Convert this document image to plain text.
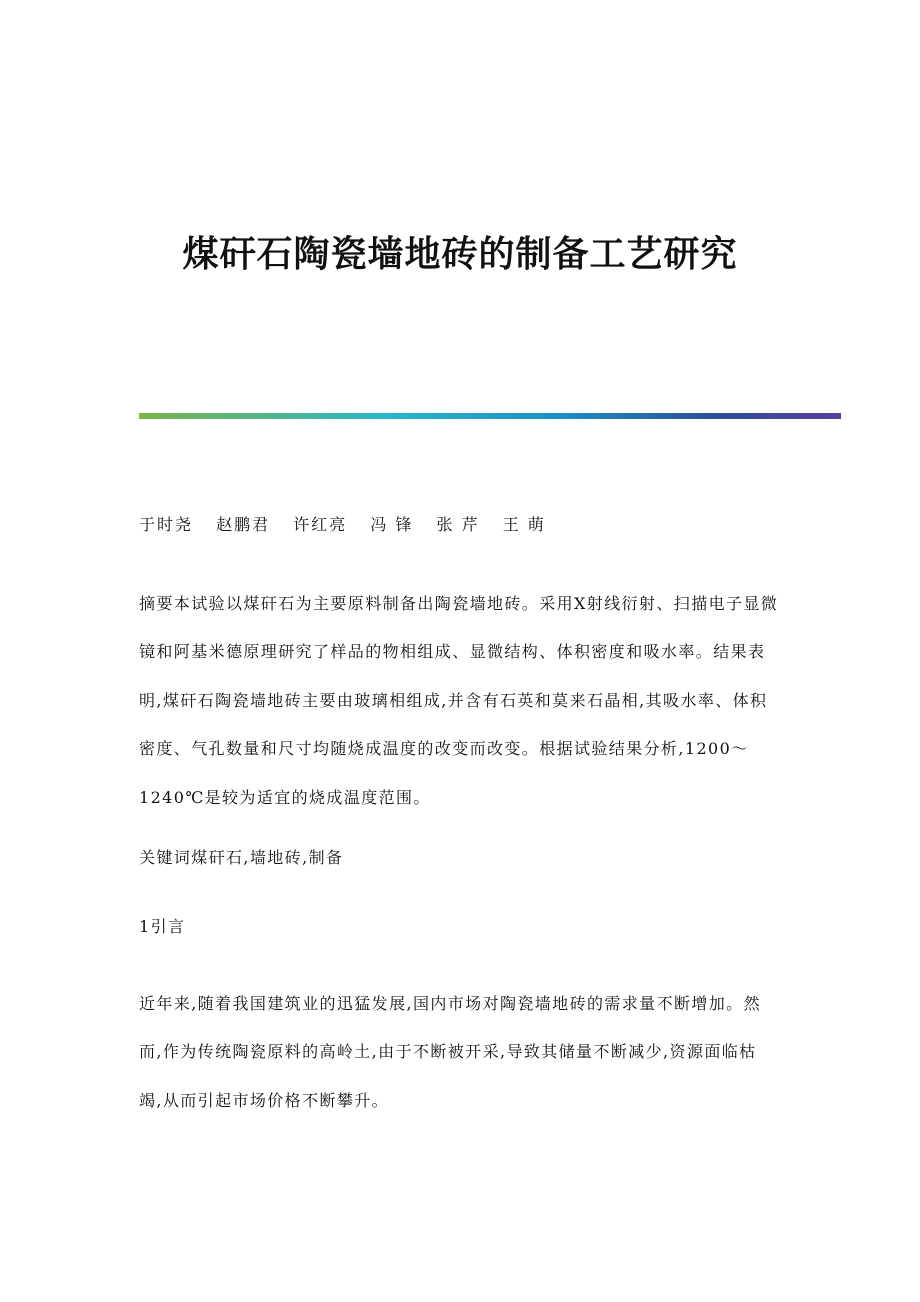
煤矸石陶瓷墙地砖的制备工艺研究
于时尧 赵鹏君 许红亮 冯 锋 张 芹 王 萌
摘要本试验以煤矸石为主要原料制备出陶瓷墙地砖。采用X射线衍射、扫描电子显微镜和阿基米德原理研究了样品的物相组成、显微结构、体积密度和吸水率。结果表明,煤矸石陶瓷墙地砖主要由玻璃相组成,并含有石英和莫来石晶相,其吸水率、体积密度、气孔数量和尺寸均随烧成温度的改变而改变。根据试验结果分析,1200～1240℃是较为适宜的烧成温度范围。
关键词煤矸石,墙地砖,制备
1引言
近年来,随着我国建筑业的迅猛发展,国内市场对陶瓷墙地砖的需求量不断增加。然而,作为传统陶瓷原料的高岭土,由于不断被开采,导致其储量不断减少,资源面临枯竭,从而引起市场价格不断攀升。
